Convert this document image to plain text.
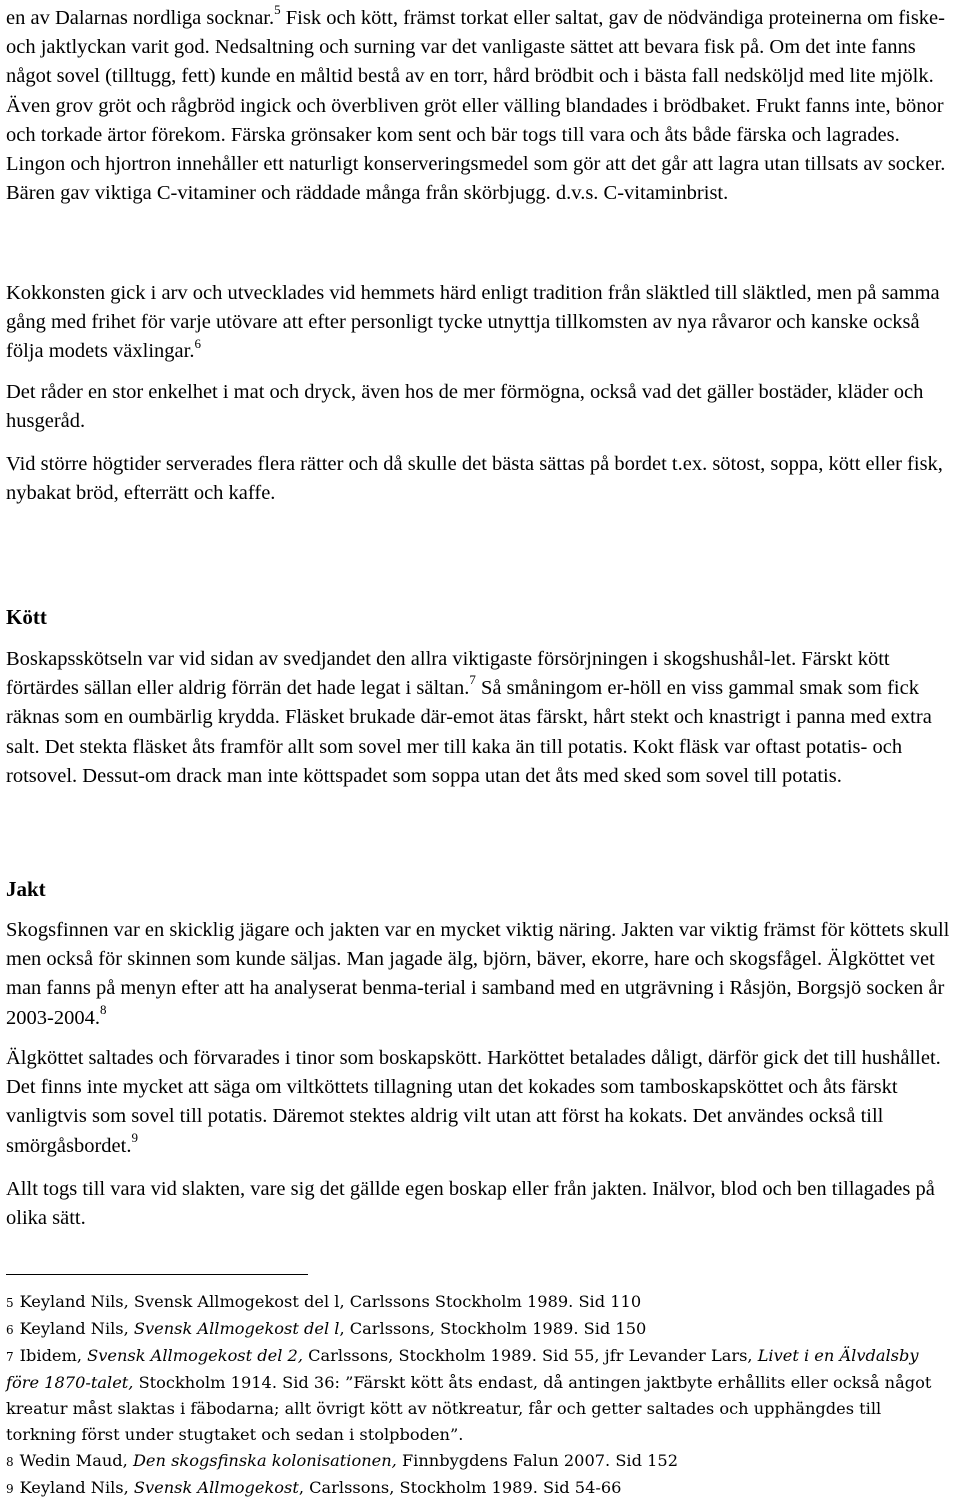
en av Dalarnas nordliga socknar.$^5$ Fisk och kött, främst torkat eller saltat, gav de nödvändiga proteinerna om fiske- och jaktlyckan varit god. Nedsaltning och surning var det vanligaste sättet att bevara fisk på. Om det inte fanns något sovel (tilltugg, fett) kunde en måltid bestå av en torr, hård brödbit och i bästa fall nedsköljd med lite mjölk. Även grov gröt och rågbröd ingick och överbliven gröt eller välling blandades i brödbaket. Frukt fanns inte, bönor och torkade ärtor förekom. Färska grönsaker kom sent och bär togs till vara och åts både färska och lagrades. Lingon och hjortron innehåller ett naturligt konserveringsmedel som gör att det går att lagra utan tillsats av socker. Bären gav viktiga C-vitaminer och räddade många från skörbjugg. d.v.s. C-vitaminbrist.

Kokkonsten gick i arv och utvecklades vid hemmets härd enligt tradition från släktled till släktled, men på samma gång med frihet för varje utövare att efter personligt tycke utnyttja tillkomsten av nya råvaror och kanske också följa modets växlingar.$^6$

Det råder en stor enkelhet i mat och dryck, även hos de mer förmögna, också vad det gäller bostäder, kläder och husgeråd.

Vid större högtider serverades flera rätter och då skulle det bästa sättas på bordet t.ex. sötost, soppa, kött eller fisk, nybakat bröd, efterrätt och kaffe.

Kött

Boskapsskötseln var vid sidan av svedjandet den allra viktigaste försörjningen i skogshushål-let. Färskt kött förtärdes sällan eller aldrig förrän det hade legat i sältan.$^7$ Så småningom er-höll en viss gammal smak som fick räknas som en oumbärlig krydda. Fläsket brukade där-emot ätas färskt, hårt stekt och knastrigt i panna med extra salt. Det stekta fläsket åts framför allt som sovel mer till kaka än till potatis. Kokt fläsk var oftast potatis- och rotsovel. Dessut-om drack man inte köttspadet som soppa utan det åts med sked som sovel till potatis.

Jakt

Skogsfinnen var en skicklig jägare och jakten var en mycket viktig näring. Jakten var viktig främst för köttets skull men också för skinnen som kunde säljas. Man jagade älg, björn, bäver, ekorre, hare och skogsfågel. Älgköttet vet man fanns på menyn efter att ha analyserat benma-terial i samband med en utgrävning i Råsjön, Borgsjö socken år 2003-2004.$^8$

Älgköttet saltades och förvarades i tinor som boskapskött. Harköttet betalades dåligt, därför gick det till hushållet. Det finns inte mycket att säga om viltköttets tillagning utan det kokades som tamboskapsköttet och åts färskt vanligtvis som sovel till potatis. Däremot stektes aldrig vilt utan att först ha kokats. Det användes också till smörgåsbordet.$^9$

Allt togs till vara vid slakten, vare sig det gällde egen boskap eller från jakten. Inälvor, blod och ben tillagades på olika sätt.

5 Keyland Nils, Svensk Allmogekost del l, Carlssons Stockholm 1989. Sid 110
6 Keyland Nils, Svensk Allmogekost del l, Carlssons, Stockholm 1989. Sid 150
7 Ibidem, Svensk Allmogekost del 2, Carlssons, Stockholm 1989. Sid 55, jfr Levander Lars, Livet i en Älvdalsby före 1870-talet, Stockholm 1914. Sid 36: ”Färskt kött åts endast, då antingen jaktbyte erhållits eller också något kreatur måst slaktas i fäbodarna; allt övrigt kött av nötkreatur, får och getter saltades och upphängdes till torkning först under stugtaket och sedan i stolpboden”.
8 Wedin Maud, Den skogsfinska kolonisationen, Finnbygdens Falun 2007. Sid 152
9 Keyland Nils, Svensk Allmogekost, Carlssons, Stockholm 1989. Sid 54-66
